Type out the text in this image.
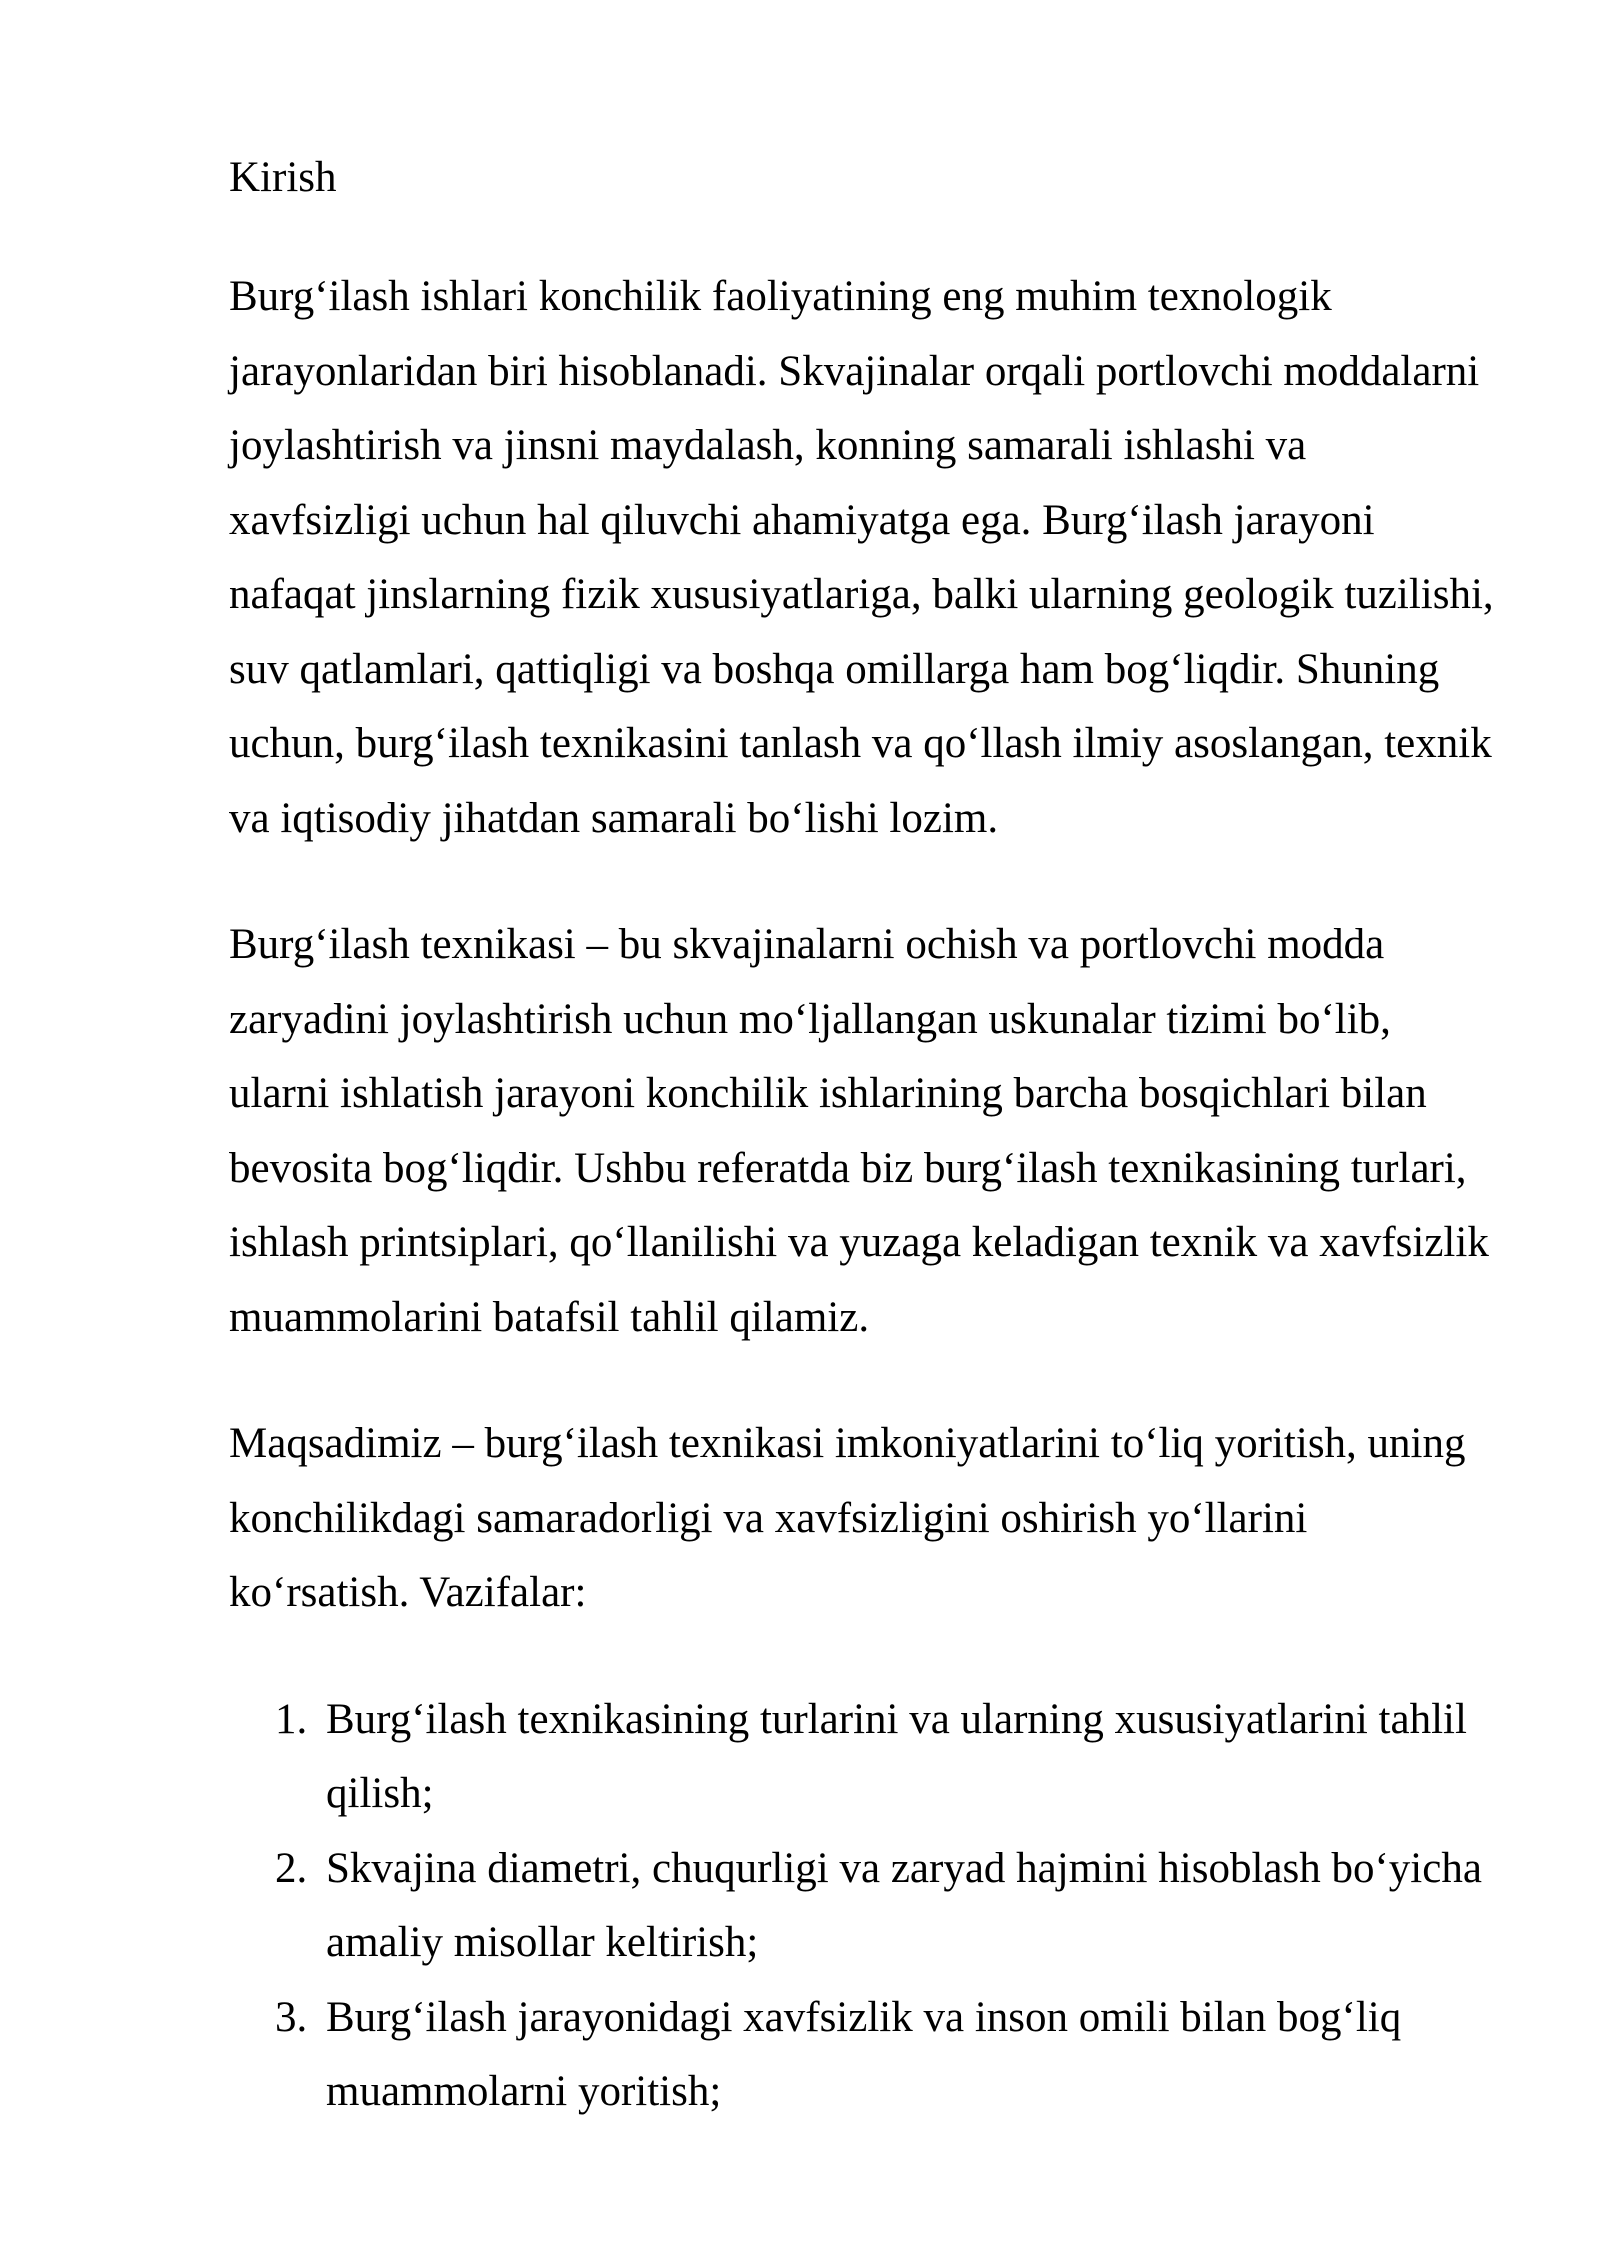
Kirish

Burg‘ilash ishlari konchilik faoliyatining eng muhim texnologik jarayonlaridan biri hisoblanadi. Skvajinalar orqali portlovchi moddalarni joylashtirish va jinsni maydalash, konning samarali ishlashi va xavfsizligi uchun hal qiluvchi ahamiyatga ega. Burg‘ilash jarayoni nafaqat jinslarning fizik xususiyatlariga, balki ularning geologik tuzilishi, suv qatlamlari, qattiqligi va boshqa omillarga ham bog‘liqdir. Shuning uchun, burg‘ilash texnikasini tanlash va qo‘llash ilmiy asoslangan, texnik va iqtisodiy jihatdan samarali bo‘lishi lozim.

Burg‘ilash texnikasi – bu skvajinalarni ochish va portlovchi modda zaryadini joylashtirish uchun mo‘ljallangan uskunalar tizimi bo‘lib, ularni ishlatish jarayoni konchilik ishlarining barcha bosqichlari bilan bevosita bog‘liqdir. Ushbu referatda biz burg‘ilash texnikasining turlari, ishlash printsiplari, qo‘llanilishi va yuzaga keladigan texnik va xavfsizlik muammolarini batafsil tahlil qilamiz.

Maqsadimiz – burg‘ilash texnikasi imkoniyatlarini to‘liq yoritish, uning konchilikdagi samaradorligi va xavfsizligini oshirish yo‘llarini ko‘rsatish. Vazifalar:

1. Burg‘ilash texnikasining turlarini va ularning xususiyatlarini tahlil qilish;
2. Skvajina diametri, chuqurligi va zaryad hajmini hisoblash bo‘yicha amaliy misollar keltirish;
3. Burg‘ilash jarayonidagi xavfsizlik va inson omili bilan bog‘liq muammolarni yoritish;
